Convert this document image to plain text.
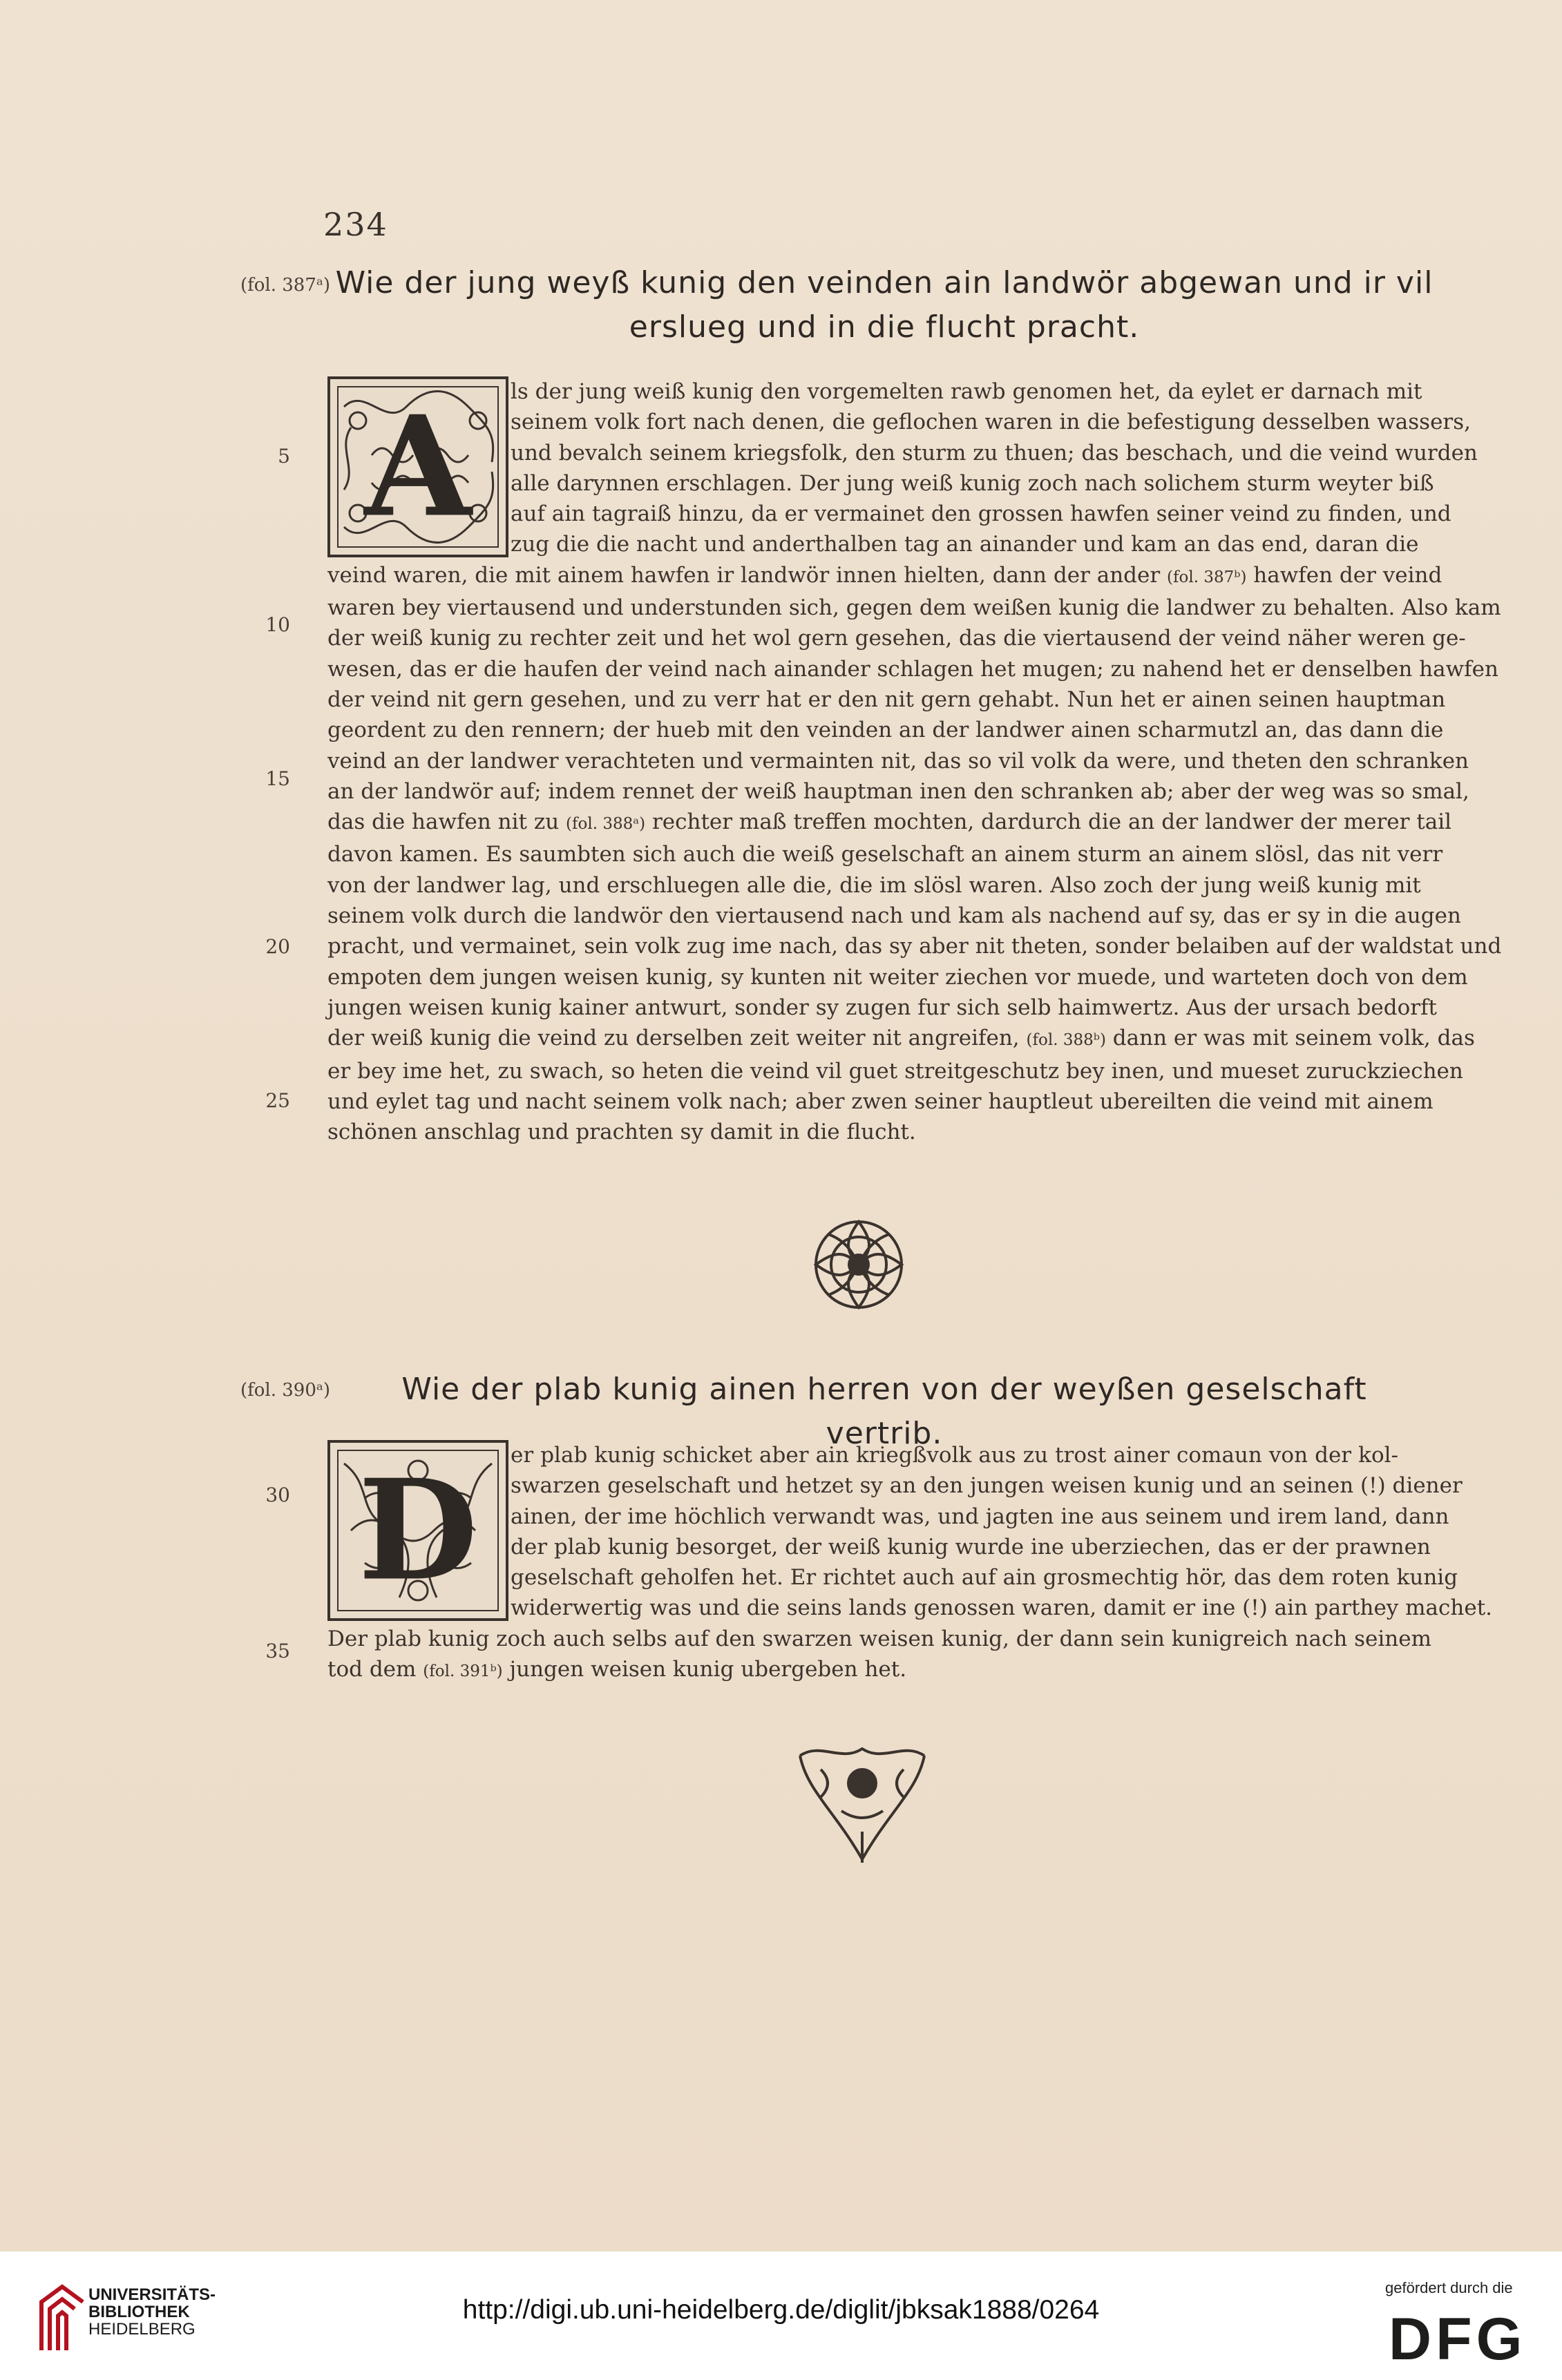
234
(fol. 387ᵃ) Wie der jung weyß kunig den veinden ain landwör abgewan und ir vil
erslueg und in die flucht pracht.
A
5
10
15
20
25
ls der jung weiß kunig den vorgemelten rawb genomen het, da eylet er darnach mit
seinem volk fort nach denen, die geflochen waren in die befestigung desselben wassers,
und bevalch seinem kriegsfolk, den sturm zu thuen; das beschach, und die veind wurden
alle darynnen erschlagen. Der jung weiß kunig zoch nach solichem sturm weyter biß
auf ain tagraiß hinzu, da er vermainet den grossen hawfen seiner veind zu finden, und
zug die die nacht und anderthalben tag an ainander und kam an das end, daran die
veind waren, die mit ainem hawfen ir landwör innen hielten, dann der ander (fol. 387ᵇ) hawfen der veind
waren bey viertausend und understunden sich, gegen dem weißen kunig die landwer zu behalten. Also kam
der weiß kunig zu rechter zeit und het wol gern gesehen, das die viertausend der veind näher weren ge-
wesen, das er die haufen der veind nach ainander schlagen het mugen; zu nahend het er denselben hawfen
der veind nit gern gesehen, und zu verr hat er den nit gern gehabt. Nun het er ainen seinen hauptman
geordent zu den rennern; der hueb mit den veinden an der landwer ainen scharmutzl an, das dann die
veind an der landwer verachteten und vermainten nit, das so vil volk da were, und theten den schranken
an der landwör auf; indem rennet der weiß hauptman inen den schranken ab; aber der weg was so smal,
das die hawfen nit zu (fol. 388ᵃ) rechter maß treffen mochten, dardurch die an der landwer der merer tail
davon kamen. Es saumbten sich auch die weiß geselschaft an ainem sturm an ainem slösl, das nit verr
von der landwer lag, und erschluegen alle die, die im slösl waren. Also zoch der jung weiß kunig mit
seinem volk durch die landwör den viertausend nach und kam als nachend auf sy, das er sy in die augen
pracht, und vermainet, sein volk zug ime nach, das sy aber nit theten, sonder belaiben auf der waldstat und
empoten dem jungen weisen kunig, sy kunten nit weiter ziechen vor muede, und warteten doch von dem
jungen weisen kunig kainer antwurt, sonder sy zugen fur sich selb haimwertz. Aus der ursach bedorft
der weiß kunig die veind zu derselben zeit weiter nit angreifen, (fol. 388ᵇ) dann er was mit seinem volk, das
er bey ime het, zu swach, so heten die veind vil guet streitgeschutz bey inen, und mueset zuruckziechen
und eylet tag und nacht seinem volk nach; aber zwen seiner hauptleut ubereilten die veind mit ainem
schönen anschlag und prachten sy damit in die flucht.
(fol. 390ᵃ)	Wie der plab kunig ainen herren von der weyßen geselschaft vertrib.
D
30
35
er plab kunig schicket aber ain kriegßvolk aus zu trost ainer comaun von der kol-
swarzen geselschaft und hetzet sy an den jungen weisen kunig und an seinen (!) diener
ainen, der ime höchlich verwandt was, und jagten ine aus seinem und irem land, dann
der plab kunig besorget, der weiß kunig wurde ine uberziechen, das er der prawnen
geselschaft geholfen het. Er richtet auch auf ain grosmechtig hör, das dem roten kunig
widerwertig was und die seins lands genossen waren, damit er ine (!) ain parthey machet.
Der plab kunig zoch auch selbs auf den swarzen weisen kunig, der dann sein kunigreich nach seinem
tod dem (fol. 391ᵇ) jungen weisen kunig ubergeben het.
UNIVERSITÄTS-
BIBLIOTHEK
HEIDELBERG
http://digi.ub.uni-heidelberg.de/diglit/jbksak1888/0264
gefördert durch die
DFG
